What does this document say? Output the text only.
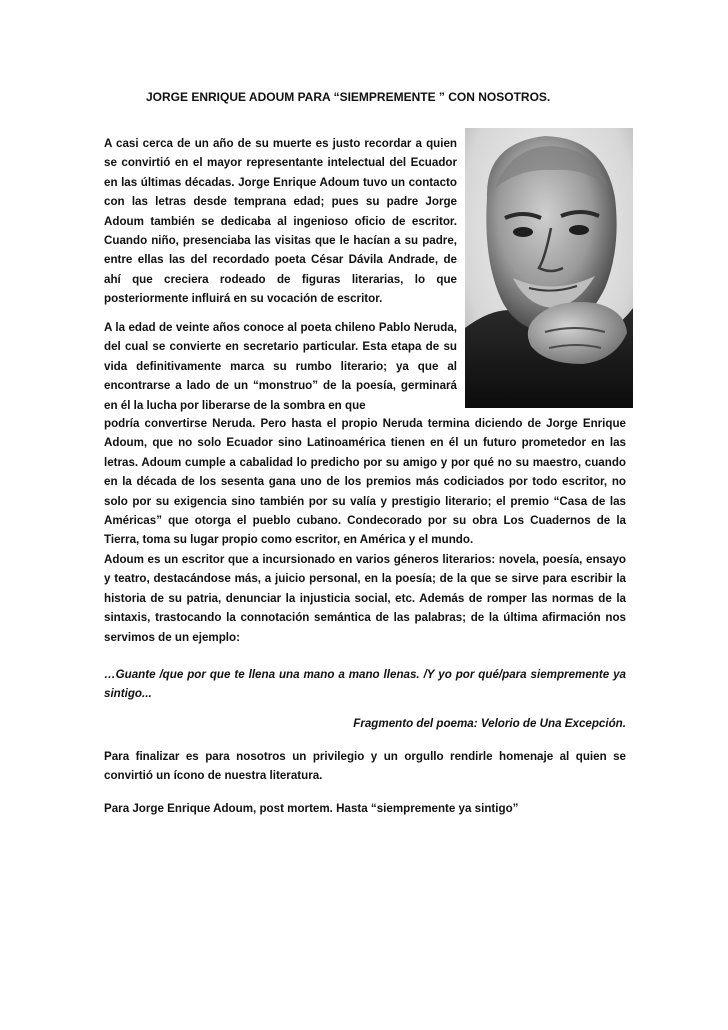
JORGE ENRIQUE ADOUM PARA “SIEMPREMENTE ” CON NOSOTROS.

A casi cerca de un año de su muerte es justo recordar a quien se convirtió en el mayor representante intelectual del Ecuador en las últimas décadas. Jorge Enrique Adoum tuvo un contacto con las letras desde temprana edad; pues su padre Jorge Adoum también se dedicaba al ingenioso oficio de escritor. Cuando niño, presenciaba las visitas que le hacían a su padre, entre ellas las del recordado poeta César Dávila Andrade, de ahí que creciera rodeado de figuras literarias, lo que posteriormente influirá en su vocación de escritor.

A la edad de veinte años conoce al poeta chileno Pablo Neruda, del cual se convierte en secretario particular. Esta etapa de su vida definitivamente marca su rumbo literario; ya que al encontrarse a lado de un “monstruo” de la poesía, germinará en él la lucha por liberarse de la sombra en que

podría convertirse Neruda. Pero hasta el propio Neruda termina diciendo de Jorge Enrique Adoum, que no solo Ecuador sino Latinoamérica tienen en él un futuro prometedor en las letras. Adoum cumple a cabalidad lo predicho por su amigo y por qué no su maestro, cuando en la década de los sesenta gana uno de los premios más codiciados por todo escritor, no solo por su exigencia sino también por su valía y prestigio literario; el premio “Casa de las Américas” que otorga el pueblo cubano. Condecorado por su obra Los Cuadernos de la Tierra, toma su lugar propio como escritor, en América y el mundo.

Adoum es un escritor que a incursionado en varios géneros literarios: novela, poesía, ensayo y teatro, destacándose más, a juicio personal, en la poesía; de la que se sirve para escribir la historia de su patria, denunciar la injusticia social, etc. Además de romper las normas de la sintaxis, trastocando la connotación semántica de las palabras; de la última afirmación nos servimos de un ejemplo:

…Guante /que por que te llena una mano a mano llenas. /Y yo por qué/para siempremente ya sintigo...

Fragmento del poema: Velorio de Una Excepción.

Para finalizar es para nosotros un privilegio y un orgullo rendirle homenaje al quien se convirtió un ícono de nuestra literatura.

Para Jorge Enrique Adoum, post mortem. Hasta “siempremente ya sintigo”
